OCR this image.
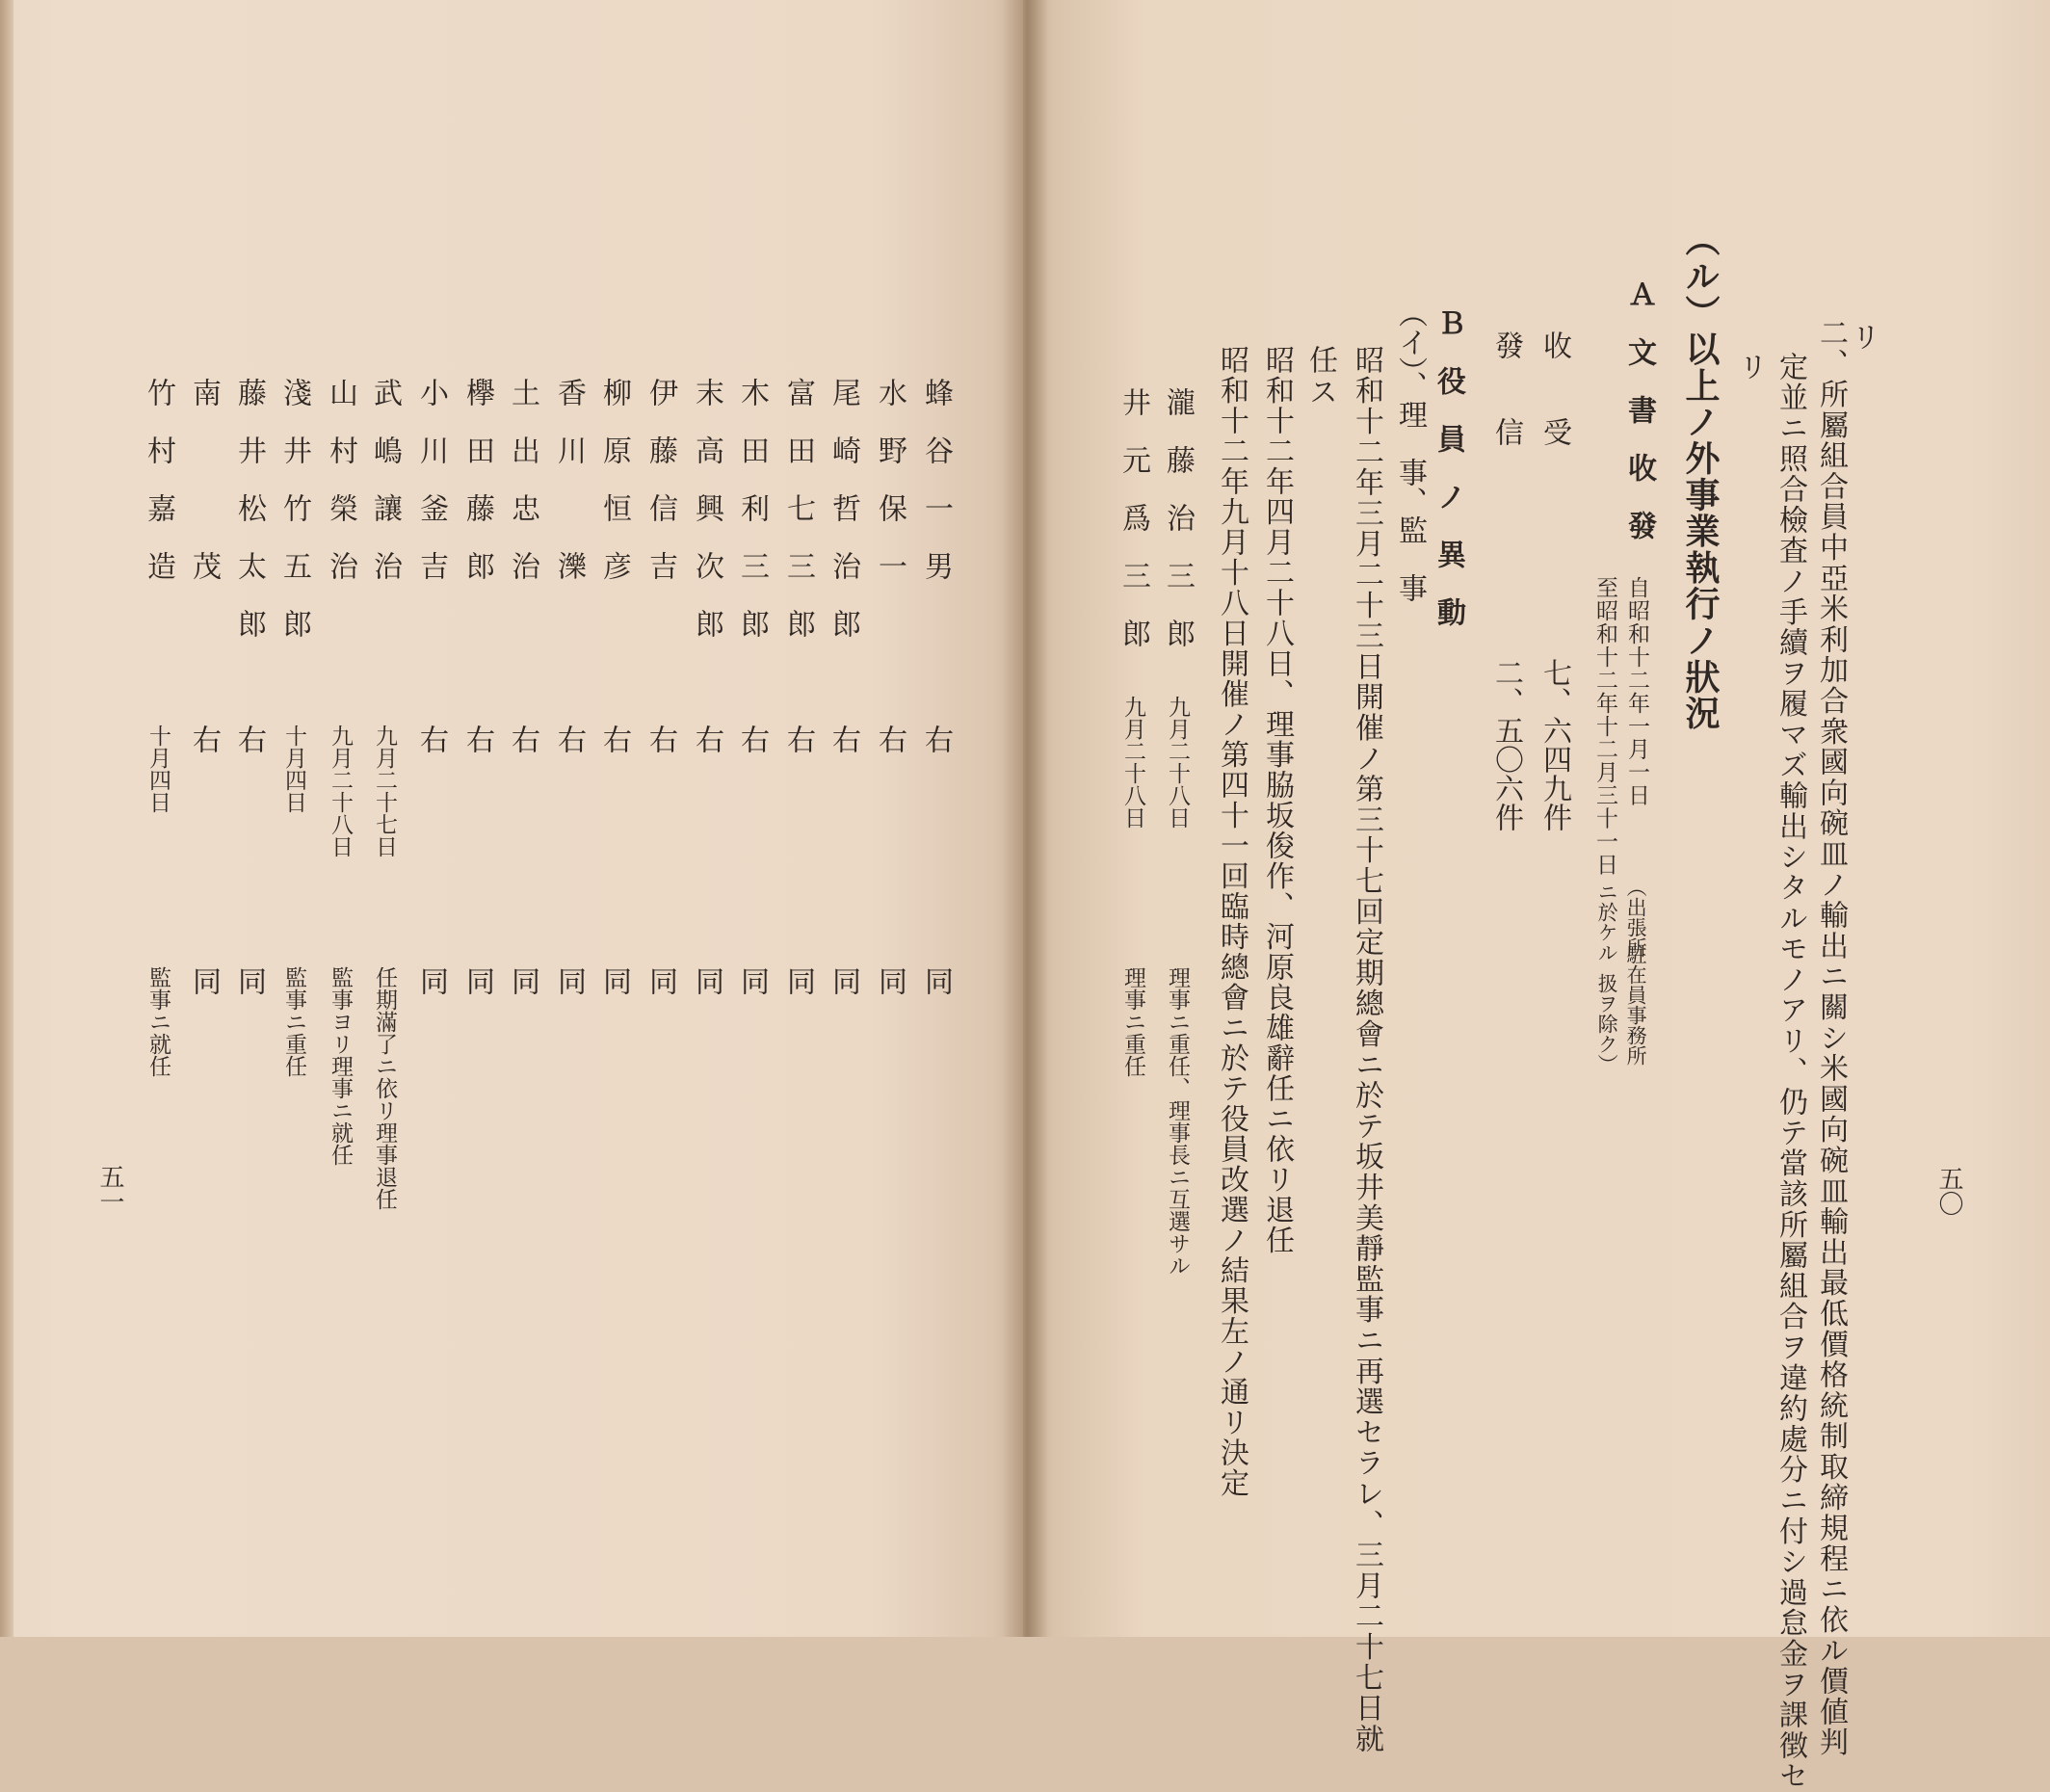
リ
二、所屬組合員中亞米利加合衆國向碗皿ノ輸出ニ關シ米國向碗皿輸出最低價格統制取締規程ニ依ル價値判
定並ニ照合檢査ノ手續ヲ履マズ輸出シタルモノアリ、仍テ當該所屬組合ヲ違約處分ニ付シ過怠金ヲ課徴セ
リ
（ル）以上ノ外事業執行ノ狀況
Ａ　文　書　收　發
自昭和十二年一月一日
至昭和十二年十二月三十一日
（出張所
駐在員事務所
ニ於ケル
扱ヲ除ク）
收　　受
七、六四九件
發　　信
二、五〇六件
Ｂ　役　員　ノ　異　動
（イ）、理　事、監　事
昭和十二年三月二十三日開催ノ第三十七回定期總會ニ於テ坂井美靜監事ニ再選セラレ、三月二十七日就
任ス
昭和十二年四月二十八日、理事脇坂俊作、河原良雄辭任ニ依リ退任
昭和十二年九月十八日開催ノ第四十一回臨時總會ニ於テ役員改選ノ結果左ノ通リ決定
瀧　藤　治　三　郎
九月二十八日
理事ニ重任、理事長ニ互選サル
井　元　爲　三　郎
九月二十八日
理事ニ重任
五〇
蜂　谷　一　男
右
同
水　野　保　一
右
同
尾　崎　哲　治　郎
右
同
富　田　七　三　郎
右
同
木　田　利　三　郎
右
同
末　高　興　次　郎
右
同
伊　藤　信　吉
右
同
柳　原　恒　彦
右
同
香　川　　　濼
右
同
土　出　忠　治
右
同
欅　田　藤　郎
右
同
小　川　釜　吉
右
同
武　嶋　讓　治
九月二十七日
任期滿了ニ依リ理事退任
山　村　榮　治
九月二十八日
監事ヨリ理事ニ就任
淺　井　竹　五　郎
十月四日
監事ニ重任
藤　井　松　太　郎
右
同
南　　　　　茂
右
同
竹　村　嘉　造
十月四日
監事ニ就任
五一
